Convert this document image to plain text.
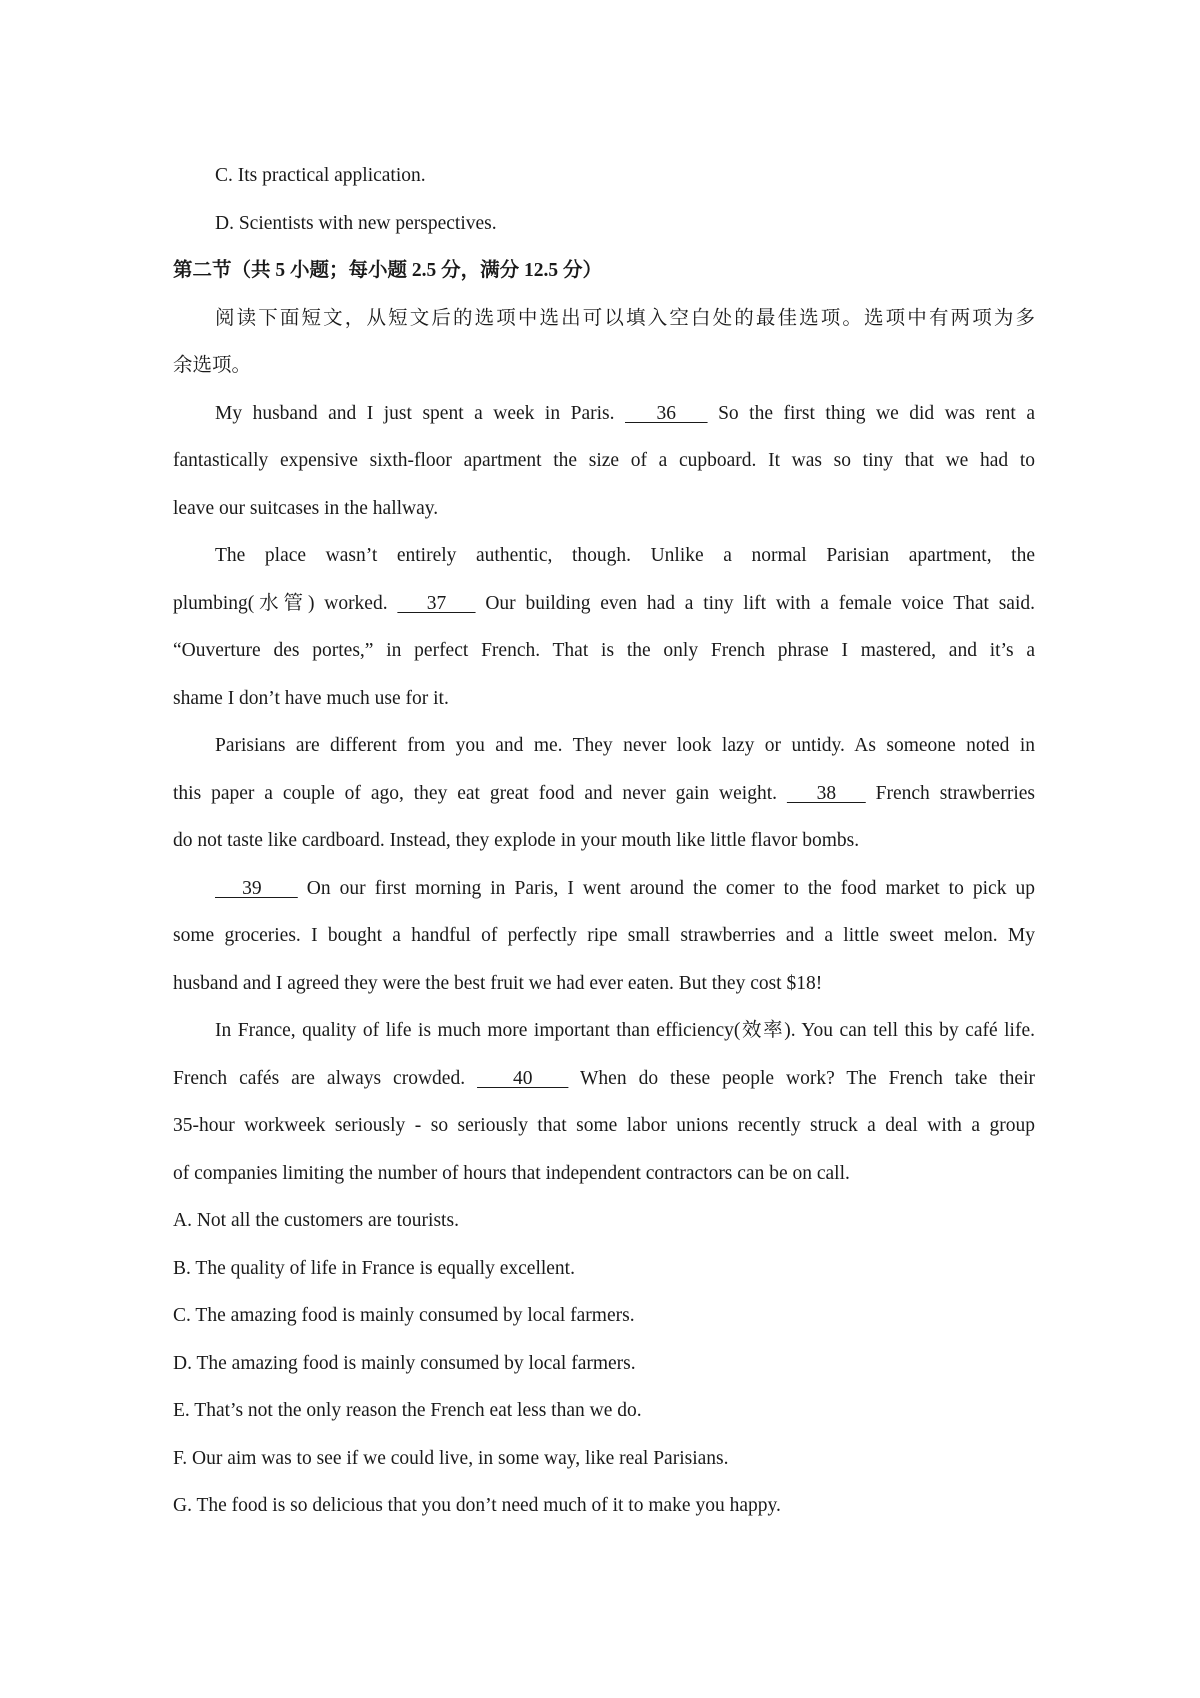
C. Its practical application.

D. Scientists with new perspectives.

第二节（共 5 小题；每小题 2.5 分，满分 12.5 分）

阅读下面短文，从短文后的选项中选出可以填入空白处的最佳选项。选项中有两项为多

余选项。

My husband and I just spent a week in Paris.    36    So the first thing we did was rent a

fantastically expensive sixth-floor apartment the size of a cupboard. It was so tiny that we had to

leave our suitcases in the hallway.

The place wasn’t entirely authentic, though. Unlike a normal Parisian apartment, the

plumbing(水管) worked.    37    Our building even had a tiny lift with a female voice That said.

“Ouverture des portes,” in perfect French. That is the only French phrase I mastered, and it’s a

shame I don’t have much use for it.

Parisians are different from you and me. They never look lazy or untidy. As someone noted in

this paper a couple of ago, they eat great food and never gain weight.    38    French strawberries

do not taste like cardboard. Instead, they explode in your mouth like little flavor bombs.

39     On our first morning in Paris, I went around the comer to the food market to pick up

some groceries. I bought a handful of perfectly ripe small strawberries and a little sweet melon. My

husband and I agreed they were the best fruit we had ever eaten. But they cost $18!

In France, quality of life is much more important than efficiency(效率). You can tell this by café life.

French cafés are always crowded.    40    When do these people work? The French take their

35-hour workweek seriously - so seriously that some labor unions recently struck a deal with a group

of companies limiting the number of hours that independent contractors can be on call.

A. Not all the customers are tourists.

B. The quality of life in France is equally excellent.

C. The amazing food is mainly consumed by local farmers.

D. The amazing food is mainly consumed by local farmers.

E. That’s not the only reason the French eat less than we do.

F. Our aim was to see if we could live, in some way, like real Parisians.

G. The food is so delicious that you don’t need much of it to make you happy.
